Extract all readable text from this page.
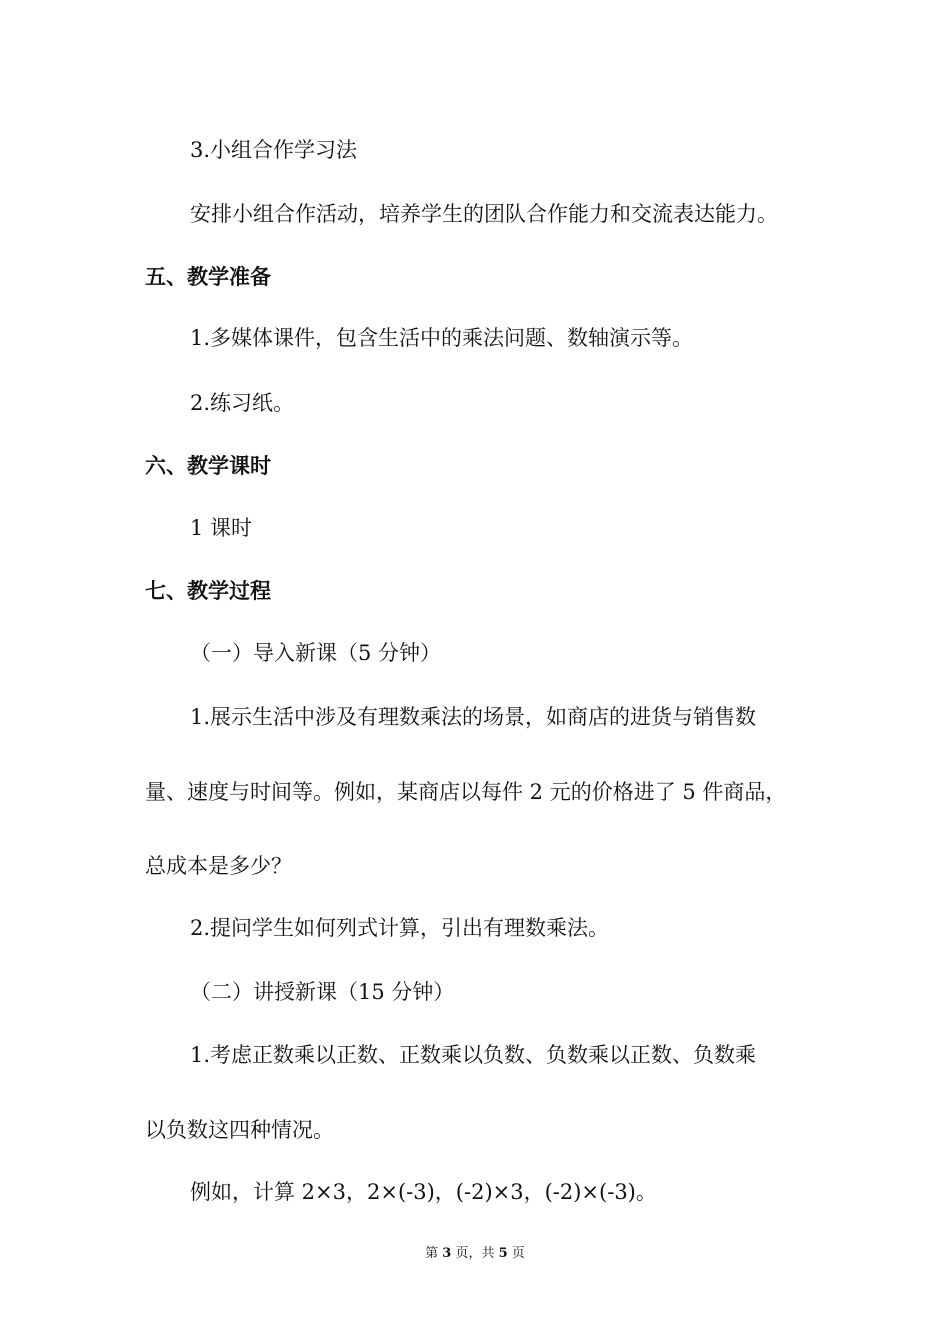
3.小组合作学习法
安排小组合作活动，培养学生的团队合作能力和交流表达能力。
五、教学准备
1.多媒体课件，包含生活中的乘法问题、数轴演示等。
2.练习纸。
六、教学课时
1 课时
七、教学过程
（一）导入新课（5 分钟）
1.展示生活中涉及有理数乘法的场景，如商店的进货与销售数
量、速度与时间等。例如，某商店以每件 2 元的价格进了 5 件商品，
总成本是多少？
2.提问学生如何列式计算，引出有理数乘法。
（二）讲授新课（15 分钟）
1.考虑正数乘以正数、正数乘以负数、负数乘以正数、负数乘
以负数这四种情况。
例如，计算 2×3，2×(-3)，(-2)×3，(-2)×(-3)。
第 3 页，共 5 页
